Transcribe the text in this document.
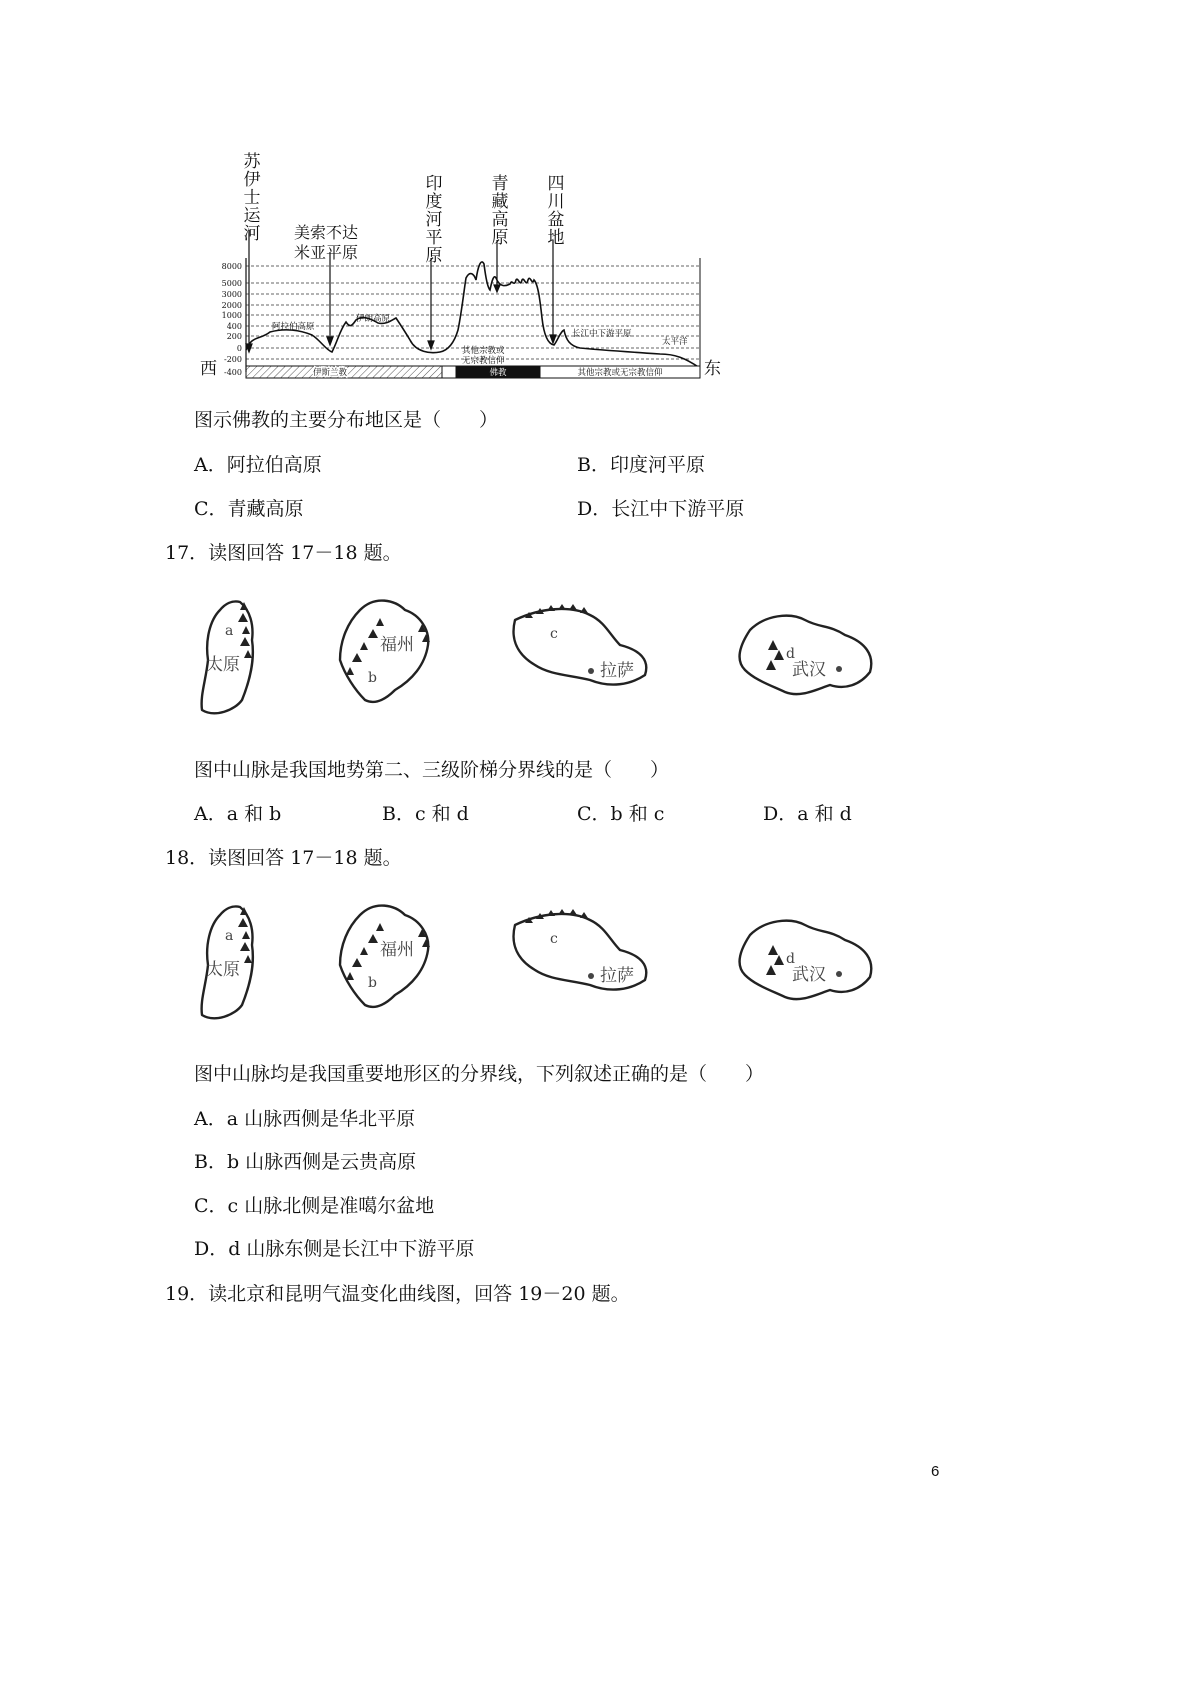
苏伊士运河	印度河平原	青藏高原 四川盆地
美索不达
米亚平原
西	东
8000
5000
3000
2000
1000
400
200
0
-200
-400
阿拉伯高原
伊朗高原
长江中下游平原
太平洋
其他宗教或
无宗教信仰
伊斯兰教	佛教	其他宗教或无宗教信仰
图示佛教的主要分布地区是（　　）
A．阿拉伯高原	B．印度河平原
C．青藏高原	D．长江中下游平原
17．读图回答 17－18 题。
a
b
c
d
太原
福州
拉萨	武汉
图中山脉是我国地势第二、三级阶梯分界线的是（　　）
A．a 和 b	B．c 和 d	C．b 和 c	D．a 和 d
18．读图回答 17－18 题。
a
b
c
d
太原
福州
拉萨	武汉
图中山脉均是我国重要地形区的分界线，下列叙述正确的是（　　）
A．a 山脉西侧是华北平原
B．b 山脉西侧是云贵高原
C．c 山脉北侧是准噶尔盆地
D．d 山脉东侧是长江中下游平原
19．读北京和昆明气温变化曲线图，回答 19－20 题。
6
